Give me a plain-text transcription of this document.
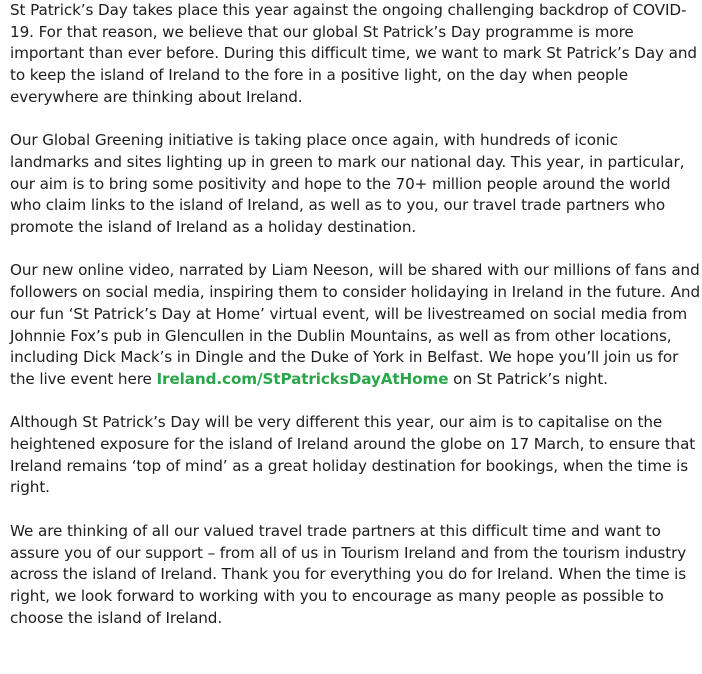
St Patrick’s Day takes place this year against the ongoing challenging backdrop of COVID-19. For that reason, we believe that our global St Patrick’s Day programme is more important than ever before. During this difficult time, we want to mark St Patrick’s Day and to keep the island of Ireland to the fore in a positive light, on the day when people everywhere are thinking about Ireland.

Our Global Greening initiative is taking place once again, with hundreds of iconic landmarks and sites lighting up in green to mark our national day. This year, in particular, our aim is to bring some positivity and hope to the 70+ million people around the world who claim links to the island of Ireland, as well as to you, our travel trade partners who promote the island of Ireland as a holiday destination.

Our new online video, narrated by Liam Neeson, will be shared with our millions of fans and followers on social media, inspiring them to consider holidaying in Ireland in the future. And our fun ‘St Patrick’s Day at Home’ virtual event, will be livestreamed on social media from Johnnie Fox’s pub in Glencullen in the Dublin Mountains, as well as from other locations, including Dick Mack’s in Dingle and the Duke of York in Belfast. We hope you’ll join us for the live event here Ireland.com/StPatricksDayAtHome on St Patrick’s night.

Although St Patrick’s Day will be very different this year, our aim is to capitalise on the heightened exposure for the island of Ireland around the globe on 17 March, to ensure that Ireland remains ‘top of mind’ as a great holiday destination for bookings, when the time is right.

We are thinking of all our valued travel trade partners at this difficult time and want to assure you of our support – from all of us in Tourism Ireland and from the tourism industry across the island of Ireland. Thank you for everything you do for Ireland. When the time is right, we look forward to working with you to encourage as many people as possible to choose the island of Ireland.
